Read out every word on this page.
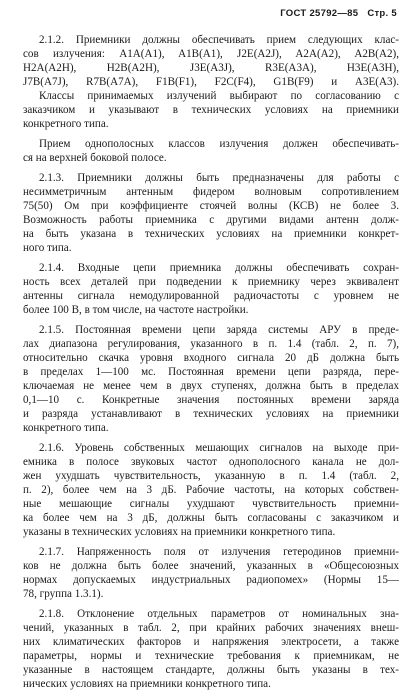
ГОСТ 25792—85 Стр. 5
2.1.2. Приемники должны обеспечивать прием следующих клас-
сов излучения: A1A(A1), A1B(A1), J2E(A2J), A2A(A2), A2B(A2),
H2A(A2H), H2B(A2H), J3E(A3J), R3E(A3A), H3E(A3H),
J7B(A7J), R7B(A7A), F1B(F1), F2C(F4), G1B(F9) и A3E(A3).
Классы принимаемых излучений выбирают по согласованию с
заказчиком и указывают в технических условиях на приемники
конкретного типа.
Прием однополосных классов излучения должен обеспечивать-
ся на верхней боковой полосе.
2.1.3. Приемники должны быть предназначены для работы с
несимметричным антенным фидером волновым сопротивлением
75(50) Ом при коэффициенте стоячей волны (КСВ) не более 3.
Возможность работы приемника с другими видами антенн долж-
на быть указана в технических условиях на приемники конкрет-
ного типа.
2.1.4. Входные цепи приемника должны обеспечивать сохран-
ность всех деталей при подведении к приемнику через эквивалент
антенны сигнала немодулированной радиочастоты с уровнем не
более 100 В, в том числе, на частоте настройки.
2.1.5. Постоянная времени цепи заряда системы АРУ в преде-
лах диапазона регулирования, указанного в п. 1.4 (табл. 2, п. 7),
относительно скачка уровня входного сигнала 20 дБ должна быть
в пределах 1—100 мс. Постоянная времени цепи разряда, пере-
ключаемая не менее чем в двух ступенях, должна быть в пределах
0,1—10 с. Конкретные значения постоянных времени заряда
и разряда устанавливают в технических условиях на приемники
конкретного типа.
2.1.6. Уровень собственных мешающих сигналов на выходе при-
емника в полосе звуковых частот однополосного канала не дол-
жен ухудшать чувствительность, указанную в п. 1.4 (табл. 2,
п. 2), более чем на 3 дБ. Рабочие частоты, на которых собствен-
ные мешающие сигналы ухудшают чувствительность приемни-
ка более чем на 3 дБ, должны быть согласованы с заказчиком и
указаны в технических условиях на приемники конкретного типа.
2.1.7. Напряженность поля от излучения гетеродинов приемни-
ков не должна быть более значений, указанных в «Общесоюзных
нормах допускаемых индустриальных радиопомех» (Нормы 15—
78, группа 1.3.1).
2.1.8. Отклонение отдельных параметров от номинальных зна-
чений, указанных в табл. 2, при крайних рабочих значениях внеш-
них климатических факторов и напряжения электросети, а также
параметры, нормы и технические требования к приемникам, не
указанные в настоящем стандарте, должны быть указаны в тех-
нических условиях на приемники конкретного типа.
